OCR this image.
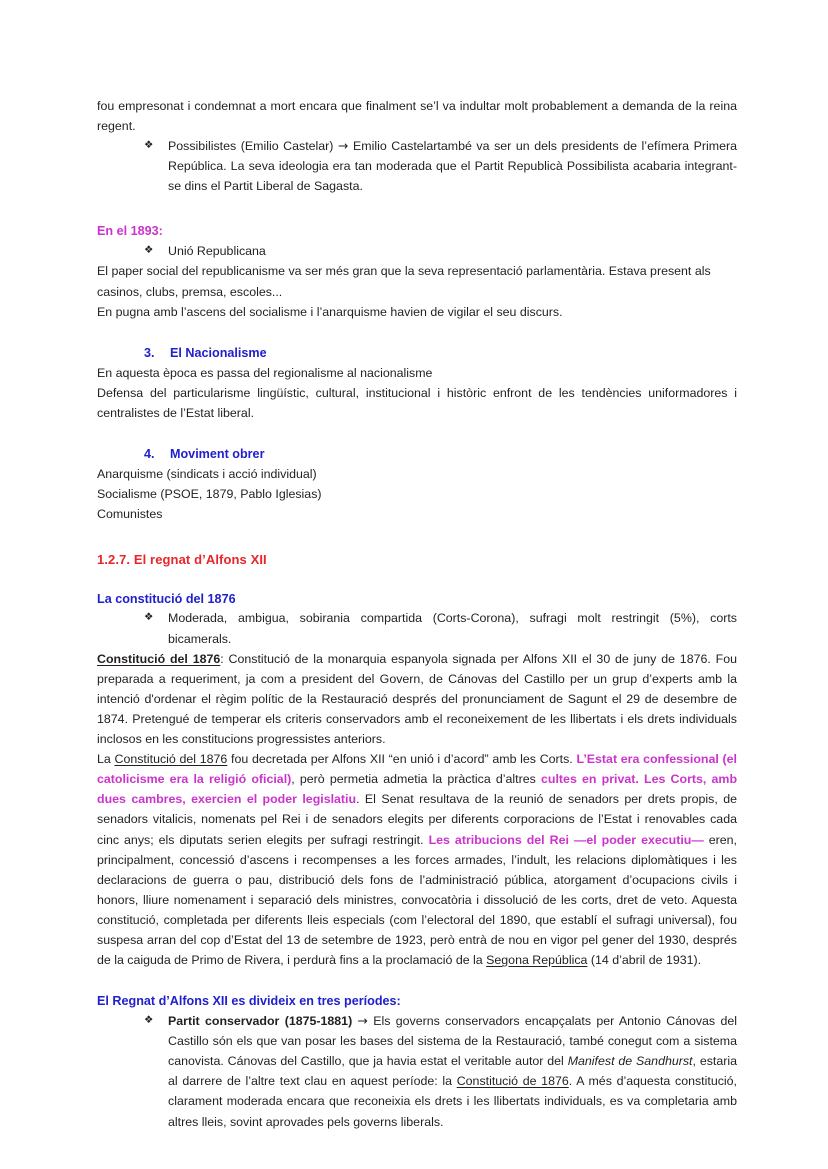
fou empresonat i condemnat a mort encara que finalment se’l va indultar molt probablement a demanda de la reina regent.

❖	Possibilistes (Emilio Castelar) → Emilio Castelartambé va ser un dels presidents de l’efímera Primera República. La seva ideologia era tan moderada que el Partit Republicà Possibilista acabaria integrant-se dins el Partit Liberal de Sagasta.
En el 1893:
❖	Unió Republicana

El paper social del republicanisme va ser més gran que la seva representació parlamentària. Estava present als casinos, clubs, premsa, escoles...

En pugna amb l’ascens del socialisme i l’anarquisme havien de vigilar el seu discurs.

3. El Nacionalisme

En aquesta època es passa del regionalisme al nacionalisme

Defensa del particularisme lingüístic, cultural, institucional i històric enfront de les tendències uniformadores i centralistes de l’Estat liberal.

4. Moviment obrer

Anarquisme (sindicats i acció individual)

Socialisme (PSOE, 1879, Pablo Iglesias)

Comunistes

1.2.7. El regnat d’Alfons XII
La constitució del 1876
❖	Moderada, ambigua, sobirania compartida (Corts-Corona), sufragi molt restringit (5%), corts bicamerals.

Constitució del 1876: Constitució de la monarquia espanyola signada per Alfons XII el 30 de juny de 1876. Fou preparada a requeriment, ja com a president del Govern, de Cánovas del Castillo per un grup d’experts amb la intenció d'ordenar el règim polític de la Restauració després del pronunciament de Sagunt el 29 de desembre de 1874. Pretengué de temperar els criteris conservadors amb el reconeixement de les llibertats i els drets individuals inclosos en les constitucions progressistes anteriors.

La Constitució del 1876 fou decretada per Alfons XII “en unió i d’acord” amb les Corts. L’Estat era confessional (el catolicisme era la religió oficial), però permetia admetia la pràctica d’altres cultes en privat. Les Corts, amb dues cambres, exercien el poder legislatiu. El Senat resultava de la reunió de senadors per drets propis, de senadors vitalicis, nomenats pel Rei i de senadors elegits per diferents corporacions de l’Estat i renovables cada cinc anys; els diputats serien elegits per sufragi restringit. Les atribucions del Rei —el poder executiu— eren, principalment, concessió d’ascens i recompenses a les forces armades, l’indult, les relacions diplomàtiques i les declaracions de guerra o pau, distribució dels fons de l’administració pública, atorgament d’ocupacions civils i honors, lliure nomenament i separació dels ministres, convocatòria i dissolució de les corts, dret de veto. Aquesta constitució, completada per diferents lleis especials (com l’electoral del 1890, que establí el sufragi universal), fou suspesa arran del cop d’Estat del 13 de setembre de 1923, però entrà de nou en vigor pel gener del 1930, després de la caiguda de Primo de Rivera, i perdurà fins a la proclamació de la Segona República (14 d’abril de 1931).

El Regnat d’Alfons XII es divideix en tres períodes:
❖	Partit conservador (1875-1881) → Els governs conservadors encapçalats per Antonio Cánovas del Castillo són els que van posar les bases del sistema de la Restauració, també conegut com a sistema canovista. Cánovas del Castillo, que ja havia estat el veritable autor del Manifest de Sandhurst, estaria al darrere de l’altre text clau en aquest període: la Constitució de 1876. A més d’aquesta constitució, clarament moderada encara que reconeixia els drets i les llibertats individuals, es va completaria amb altres lleis, sovint aprovades pels governs liberals.
